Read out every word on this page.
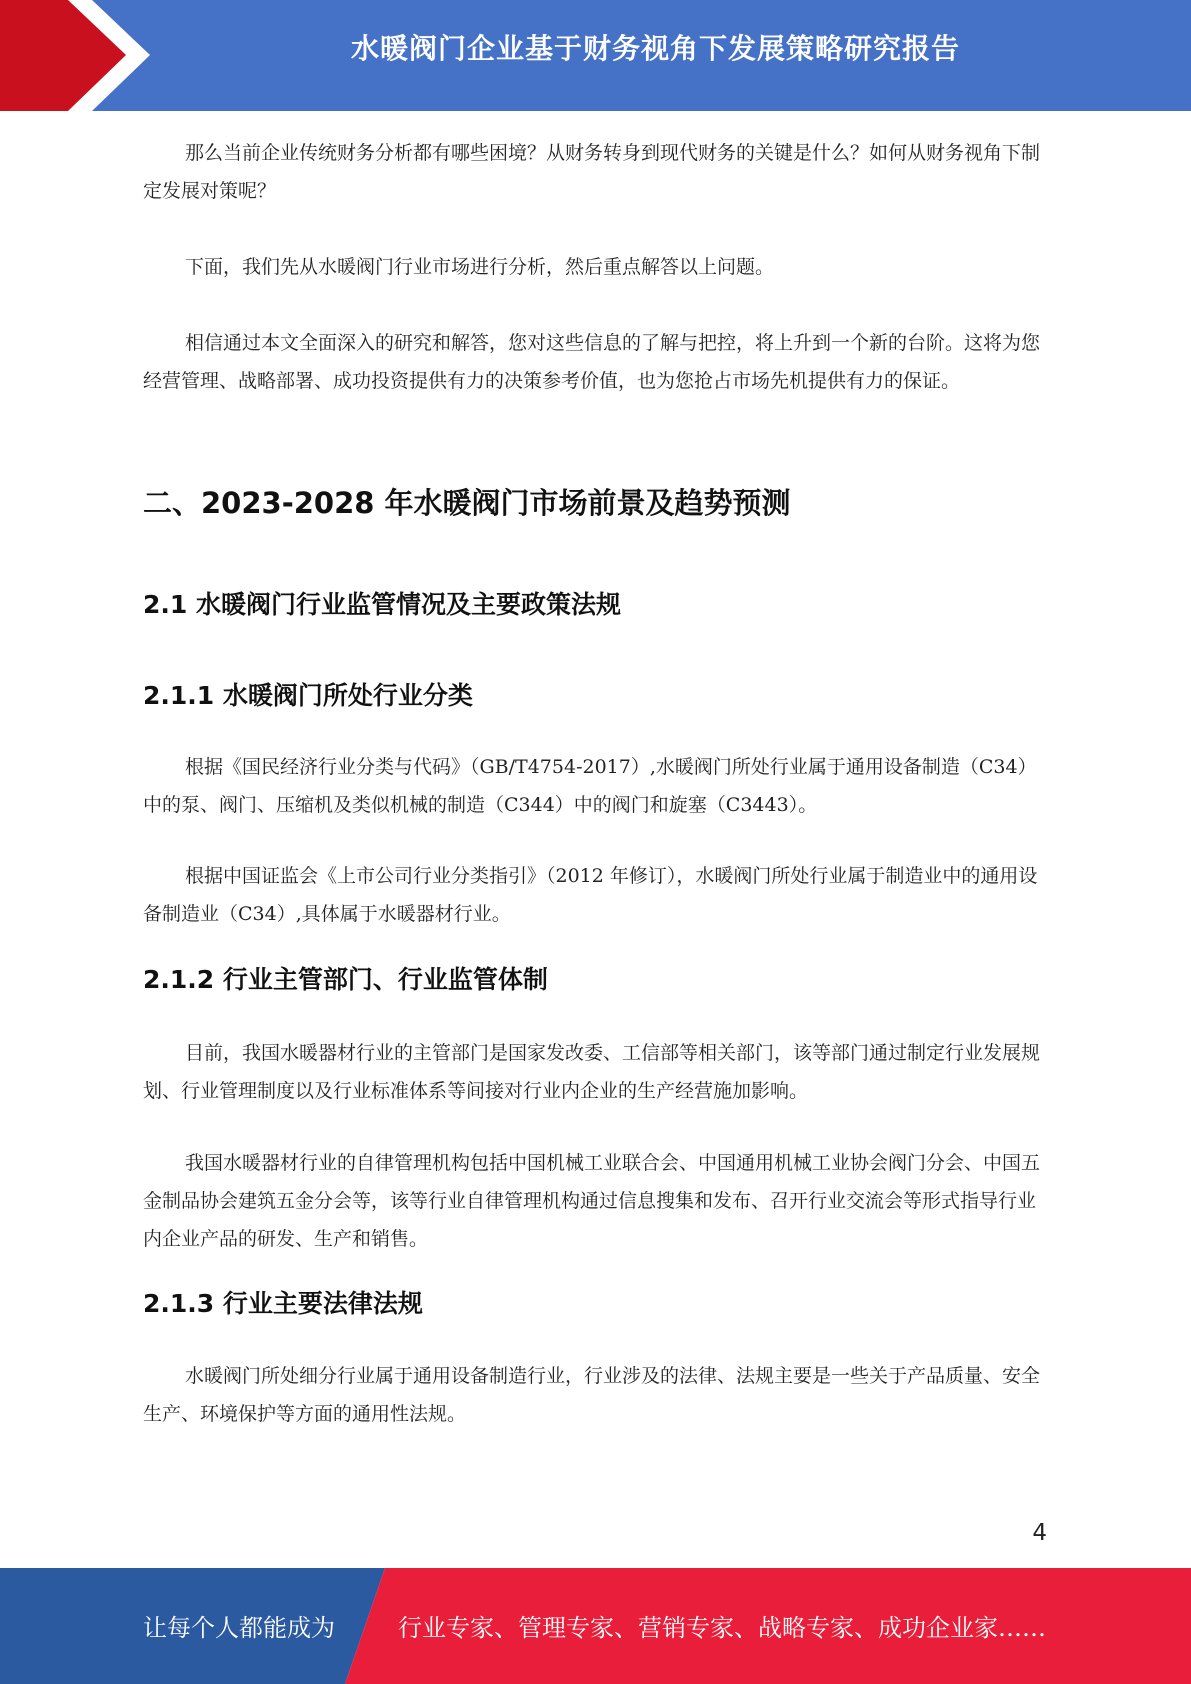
水暖阀门企业基于财务视角下发展策略研究报告

那么当前企业传统财务分析都有哪些困境？从财务转身到现代财务的关键是什么？如何从财务视角下制定发展对策呢？

下面，我们先从水暖阀门行业市场进行分析，然后重点解答以上问题。

相信通过本文全面深入的研究和解答，您对这些信息的了解与把控，将上升到一个新的台阶。这将为您经营管理、战略部署、成功投资提供有力的决策参考价值，也为您抢占市场先机提供有力的保证。

二、2023-2028 年水暖阀门市场前景及趋势预测
2.1 水暖阀门行业监管情况及主要政策法规
2.1.1 水暖阀门所处行业分类

根据《国民经济行业分类与代码》（GB/T4754-2017）,水暖阀门所处行业属于通用设备制造（C34）中的泵、阀门、压缩机及类似机械的制造（C344）中的阀门和旋塞（C3443）。

根据中国证监会《上市公司行业分类指引》（2012 年修订），水暖阀门所处行业属于制造业中的通用设备制造业（C34）,具体属于水暖器材行业。

2.1.2 行业主管部门、行业监管体制

目前，我国水暖器材行业的主管部门是国家发改委、工信部等相关部门，该等部门通过制定行业发展规划、行业管理制度以及行业标准体系等间接对行业内企业的生产经营施加影响。

我国水暖器材行业的自律管理机构包括中国机械工业联合会、中国通用机械工业协会阀门分会、中国五金制品协会建筑五金分会等，该等行业自律管理机构通过信息搜集和发布、召开行业交流会等形式指导行业内企业产品的研发、生产和销售。

2.1.3 行业主要法律法规

水暖阀门所处细分行业属于通用设备制造行业，行业涉及的法律、法规主要是一些关于产品质量、安全生产、环境保护等方面的通用性法规。

4
让每个人都能成为	行业专家、管理专家、营销专家、战略专家、成功企业家……
